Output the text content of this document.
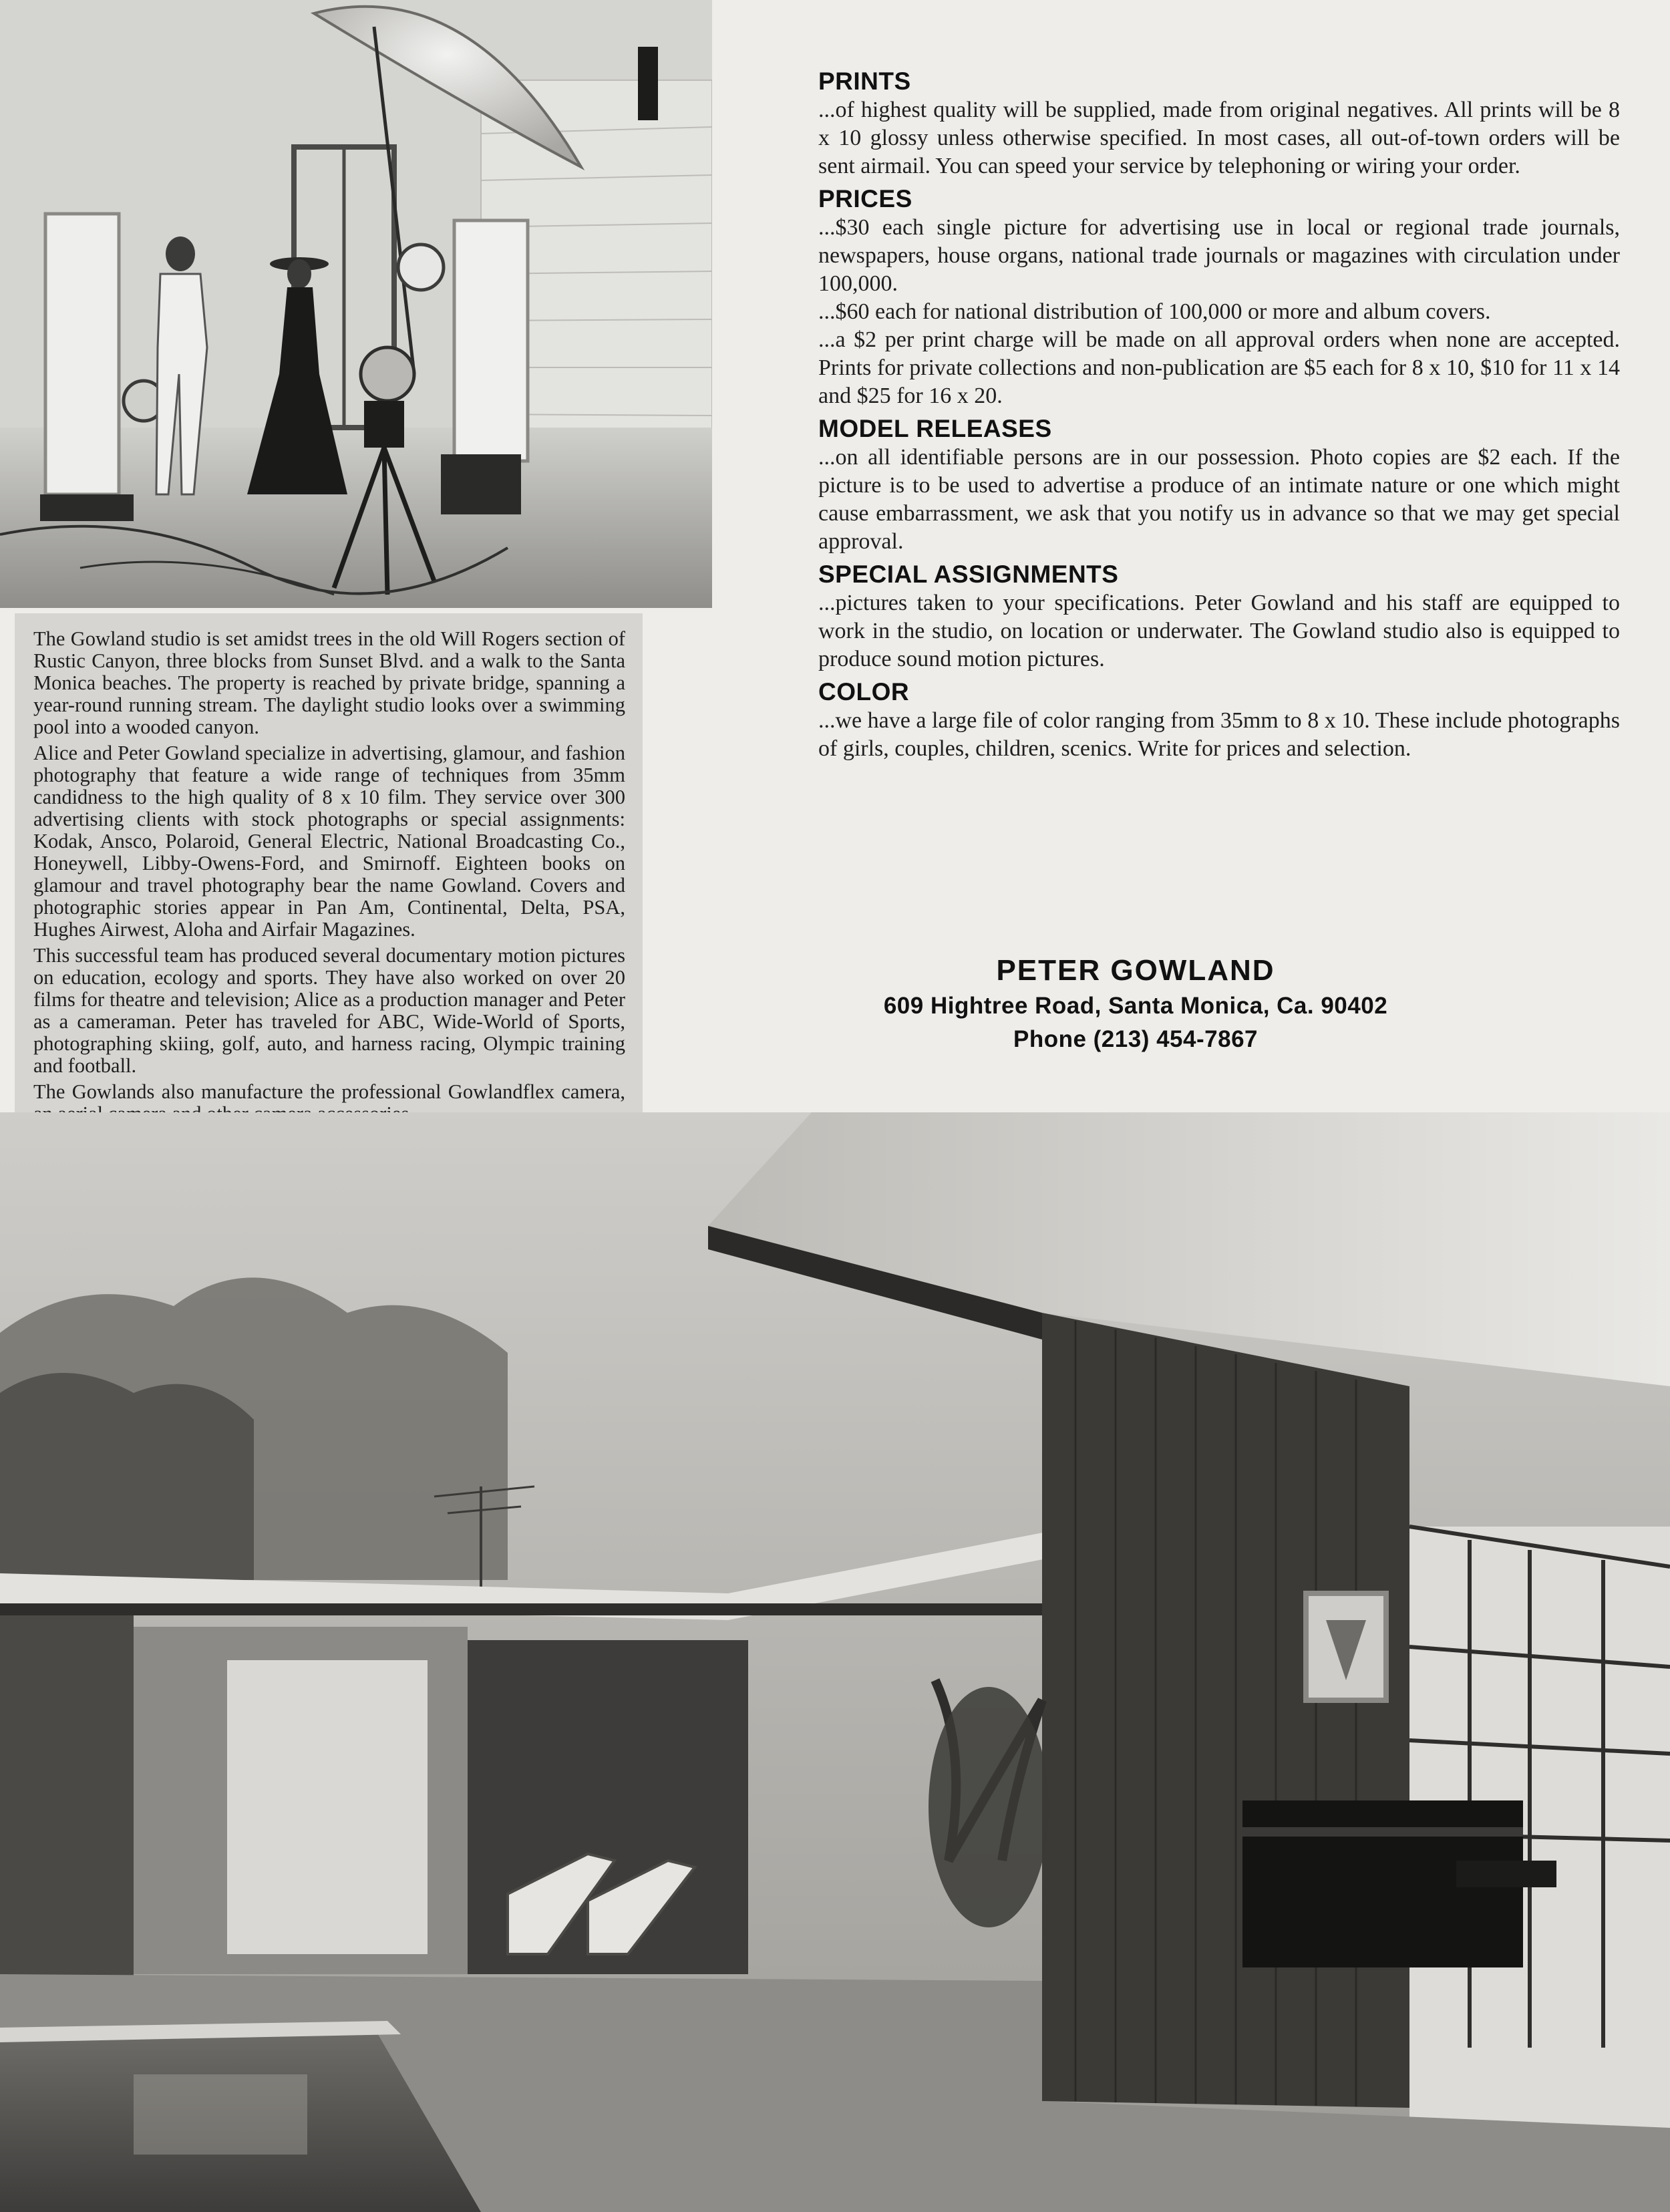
The Gowland studio is set amidst trees in the old Will Rogers section of Rustic Canyon, three blocks from Sunset Blvd. and a walk to the Santa Monica beaches. The property is reached by private bridge, spanning a year-round running stream. The daylight studio looks over a swimming pool into a wooded canyon.

Alice and Peter Gowland specialize in advertising, glamour, and fashion photography that feature a wide range of techniques from 35mm candidness to the high quality of 8 x 10 film. They service over 300 advertising clients with stock photographs or special assignments: Kodak, Ansco, Polaroid, General Electric, National Broadcasting Co., Honeywell, Libby-Owens-Ford, and Smirnoff. Eighteen books on glamour and travel photography bear the name Gowland. Covers and photographic stories appear in Pan Am, Continental, Delta, PSA, Hughes Airwest, Aloha and Airfair Magazines.

This successful team has produced several documentary motion pictures on education, ecology and sports. They have also worked on over 20 films for theatre and television; Alice as a production manager and Peter as a cameraman. Peter has traveled for ABC, Wide-World of Sports, photographing skiing, golf, auto, and harness racing, Olympic training and football.

The Gowlands also manufacture the professional Gowlandflex camera,

PRINTS

...of highest quality will be supplied, made from original negatives. All prints will be 8 x 10 glossy unless otherwise specified. In most cases, all out-of-town orders will be sent airmail. You can speed your service by telephoning or wiring your order.

PRICES

...$30 each single picture for advertising use in local or regional trade journals, newspapers, house organs, national trade journals or magazines with circulation under 100,000.

...$60 each for national distribution of 100,000 or more and album covers.

...a $2 per print charge will be made on all approval orders when none are accepted. Prints for private collections and non-publication are $5 each for 8 x 10, $10 for 11 x 14 and $25 for 16 x 20.

MODEL RELEASES

...on all identifiable persons are in our possession. Photo copies are $2 each. If the picture is to be used to advertise a produce of an intimate nature or one which might cause embarrassment, we ask that you notify us in advance so that we may get special approval.

SPECIAL ASSIGNMENTS

...pictures taken to your specifications. Peter Gowland and his staff are equipped to work in the studio, on location or underwater. The Gowland studio also is equipped to produce sound motion pictures.

COLOR

...we have a large file of color ranging from 35mm to 8 x 10. These include photographs of girls, couples, children, scenics. Write for prices and selection.

PETER GOWLAND
609 Hightree Road, Santa Monica, Ca. 90402
Phone (213) 454-7867
